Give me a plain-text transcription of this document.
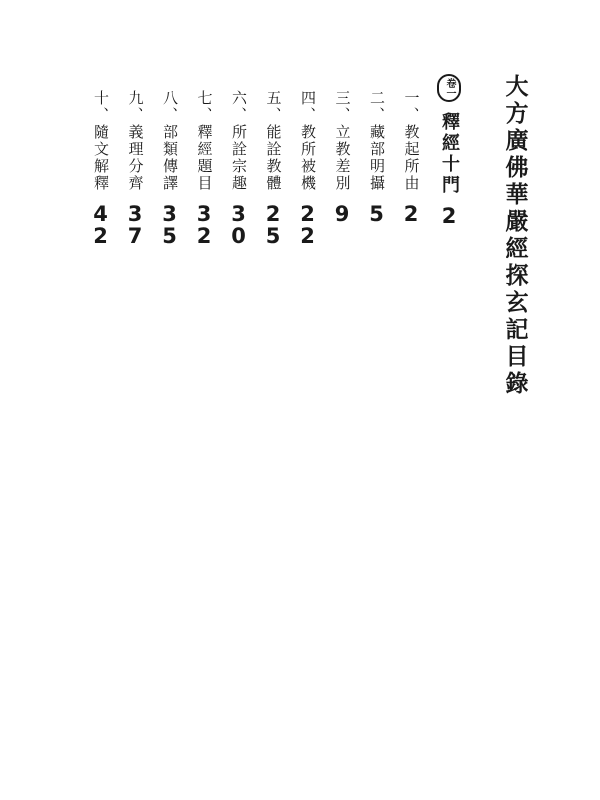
大方廣佛華嚴經探玄記目錄
卷一
釋經十門
2
一、教起所由
2
二、藏部明攝
5
三、立教差別
9
四、教所被機
2
2
五、能詮教體
2
5
六、所詮宗趣
3
0
七、釋經題目
3
2
八、部類傳譯
3
5
九、義理分齊
3
7
十、隨文解釋
4
2
